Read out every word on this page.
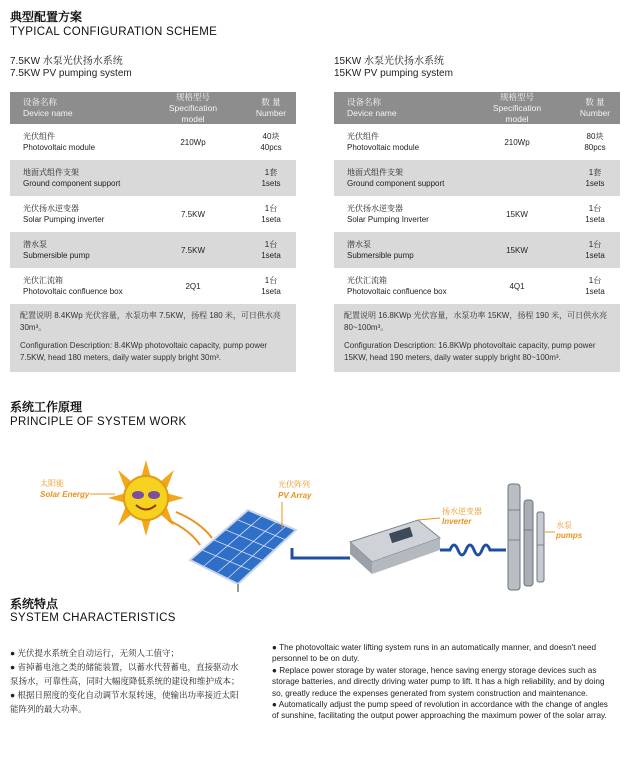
典型配置方案
TYPICAL CONFIGURATION SCHEME
7.5KW 水泵光伏扬水系统
7.5KW PV pumping system
设备名称
Device name
规格型号
Specification model
数 量
Number
光伏组件
Photovoltaic module
210Wp
40块
40pcs
地面式组件支架
Ground component support
1套
1sets
光伏扬水逆变器
Solar Pumping inverter
7.5KW
1台
1seta
潜水泵
Submersible pump
7.5KW
1台
1seta
光伏汇流箱
Photovoltaic confluence box
2Q1
1台
1seta

配置说明 8.4KWp 光伏容量，水泵功率 7.5KW，扬程 180 米，可日供水亮 30m³。

Configuration Description: 8.4KWp photovoltaic capacity, pump power 7.5KW, head 180 meters, daily water supply bright 30m³.

15KW 水泵光伏扬水系统
15KW PV pumping system
设备名称
Device name
规格型号
Specification model
数 量
Number
光伏组件
Photovoltaic module
210Wp
80块
80pcs
地面式组件支架
Ground component support
1套
1sets
光伏扬水逆变器
Solar Pumping Inverter
15KW
1台
1seta
潜水泵
Submersible pump
15KW
1台
1seta
光伏汇流箱
Photovoltaic confluence box
4Q1
1台
1seta

配置说明 16.8KWp 光伏容量，水泵功率 15KW，扬程 190 米，可日供水亮 80~100m³。

Configuration Description: 16.8KWp photovoltaic capacity, pump power 15KW, head 190 meters, daily water supply bright 80~100m³.

系统工作原理
PRINCIPLE OF SYSTEM WORK
太阳能
Solar Energy
光伏阵列
PV Array
扬水逆变器
Inverter	水泵
pumps
系统特点
SYSTEM CHARACTERISTICS

● 光伏提水系统全自动运行，无须人工值守；

● 省掉蓄电池之类的储能装置，以蓄水代替蓄电，直接驱动水泵扬水，可靠性高，同时大幅度降低系统的建设和维护成本；

● 根据日照度的变化自动调节水泵转速，使输出功率接近太阳能阵列的最大功率。

● The photovoltaic water lifting system runs in an automatically manner, and doesn't need personnel to be on duty.

● Replace power storage by water storage, hence saving energy storage devices such as storage batteries, and directly driving water pump to lift. It has a high reliability, and by doing so, greatly reduce the expenses generated from system construction and maintenance.

● Automatically adjust the pump speed of revolution in accordance with the change of angles of sunshine, facilitating the output power approaching the maximum power of the solar array.
